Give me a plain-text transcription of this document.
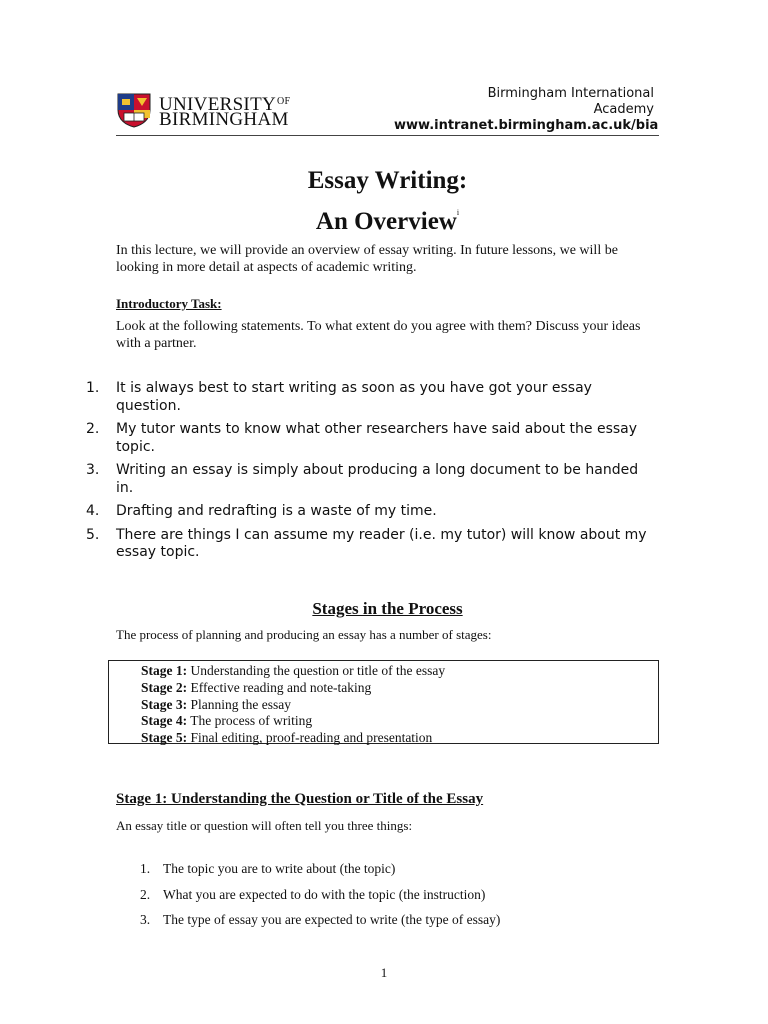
$UNIVERSITY^{OF}$
BIRMINGHAM
Birmingham International
Academy
www.intranet.birmingham.ac.uk/bia
Essay Writing:
An Overview$^i$
In this lecture, we will provide an overview of essay writing. In future lessons, we will be looking in more detail at aspects of academic writing.
Introductory Task:
Look at the following statements. To what extent do you agree with them? Discuss your ideas with a partner.
1. It is always best to start writing as soon as you have got your essay question.
2. My tutor wants to know what other researchers have said about the essay topic.
3. Writing an essay is simply about producing a long document to be handed in.
4. Drafting and redrafting is a waste of my time.
5. There are things I can assume my reader (i.e. my tutor) will know about my essay topic.
Stages in the Process
The process of planning and producing an essay has a number of stages:
Stage 1: Understanding the question or title of the essay
Stage 2: Effective reading and note-taking
Stage 3: Planning the essay
Stage 4: The process of writing
Stage 5: Final editing, proof-reading and presentation
Stage 1: Understanding the Question or Title of the Essay
An essay title or question will often tell you three things:
1. The topic you are to write about (the topic)
2. What you are expected to do with the topic (the instruction)
3. The type of essay you are expected to write (the type of essay)
1
